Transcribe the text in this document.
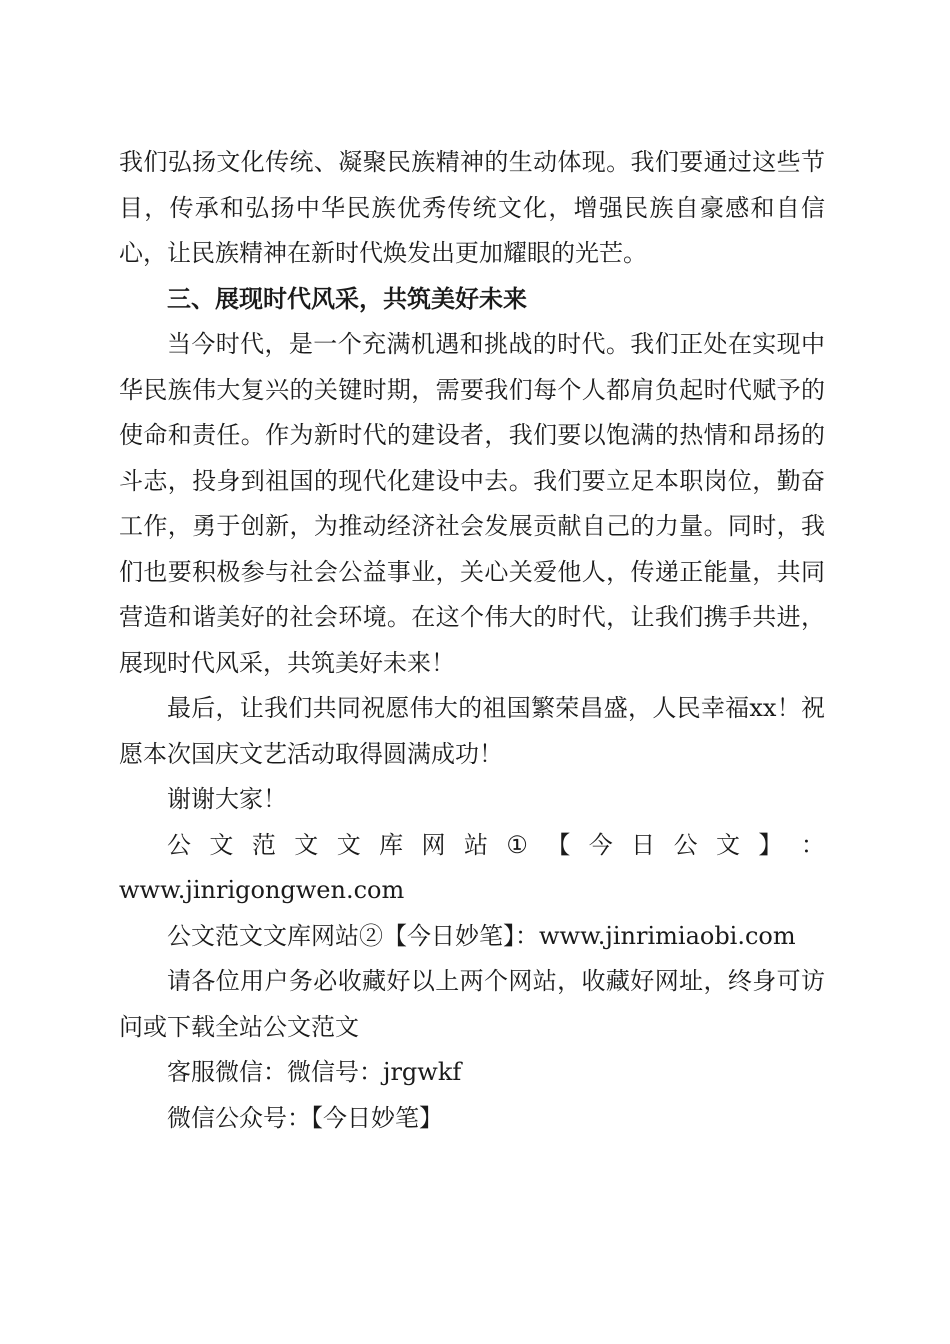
我们弘扬文化传统、凝聚民族精神的生动体现。我们要通过这些节目，传承和弘扬中华民族优秀传统文化，增强民族自豪感和自信心，让民族精神在新时代焕发出更加耀眼的光芒。

三、展现时代风采，共筑美好未来

当今时代，是一个充满机遇和挑战的时代。我们正处在实现中华民族伟大复兴的关键时期，需要我们每个人都肩负起时代赋予的使命和责任。作为新时代的建设者，我们要以饱满的热情和昂扬的斗志，投身到祖国的现代化建设中去。我们要立足本职岗位，勤奋工作，勇于创新，为推动经济社会发展贡献自己的力量。同时，我们也要积极参与社会公益事业，关心关爱他人，传递正能量，共同营造和谐美好的社会环境。在这个伟大的时代，让我们携手共进，展现时代风采，共筑美好未来！

最后，让我们共同祝愿伟大的祖国繁荣昌盛，人民幸福xx！祝愿本次国庆文艺活动取得圆满成功！

谢谢大家！

公 文 范 文 文 库 网 站 ① 【 今 日 公 文 】 ：
www.jinrigongwen.com

公文范文文库网站②【今日妙笔】：www.jinrimiaobi.com

请各位用户务必收藏好以上两个网站，收藏好网址，终身可访问或下载全站公文范文

客服微信：微信号：jrgwkf

微信公众号：【今日妙笔】
